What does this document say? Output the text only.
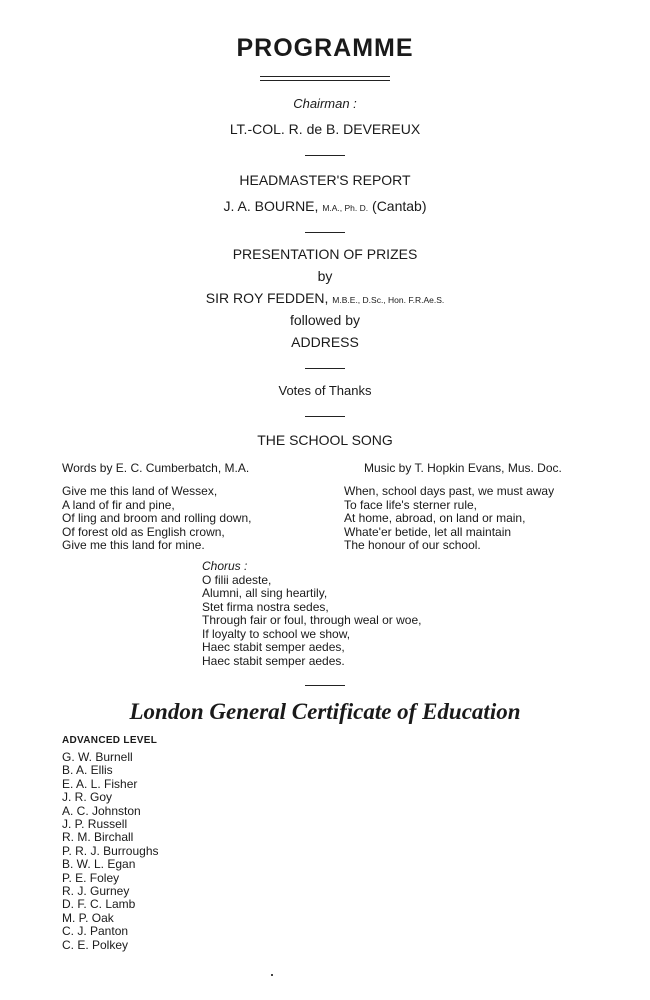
PROGRAMME
Chairman :
LT.-COL. R. de B. DEVEREUX
HEADMASTER'S REPORT
J. A. BOURNE, M.A., Ph. D. (Cantab)
PRESENTATION OF PRIZES
by
SIR ROY FEDDEN, M.B.E., D.Sc., Hon. F.R.Ae.S.
followed by
ADDRESS
Votes of Thanks
THE SCHOOL SONG
Words by E. C. Cumberbatch, M.A.	Music by T. Hopkin Evans, Mus. Doc.
Give me this land of Wessex,
A land of fir and pine,
Of ling and broom and rolling down,
Of forest old as English crown,
Give me this land for mine.
When, school days past, we must away
To face life's sterner rule,
At home, abroad, on land or main,
Whate'er betide, let all maintain
The honour of our school.
Chorus :
O filii adeste,
Alumni, all sing heartily,
Stet firma nostra sedes,
Through fair or foul, through weal or woe,
If loyalty to school we show,
Haec stabit semper aedes,
Haec stabit semper aedes.
London General Certificate of Education
ADVANCED LEVEL
G. W. Burnell
B. A. Ellis
E. A. L. Fisher
J. R. Goy
A. C. Johnston
J. P. Russell
R. M. Birchall
P. R. J. Burroughs
B. W. L. Egan
P. E. Foley
R. J. Gurney
D. F. C. Lamb
M. P. Oak
C. J. Panton
C. E. Polkey
